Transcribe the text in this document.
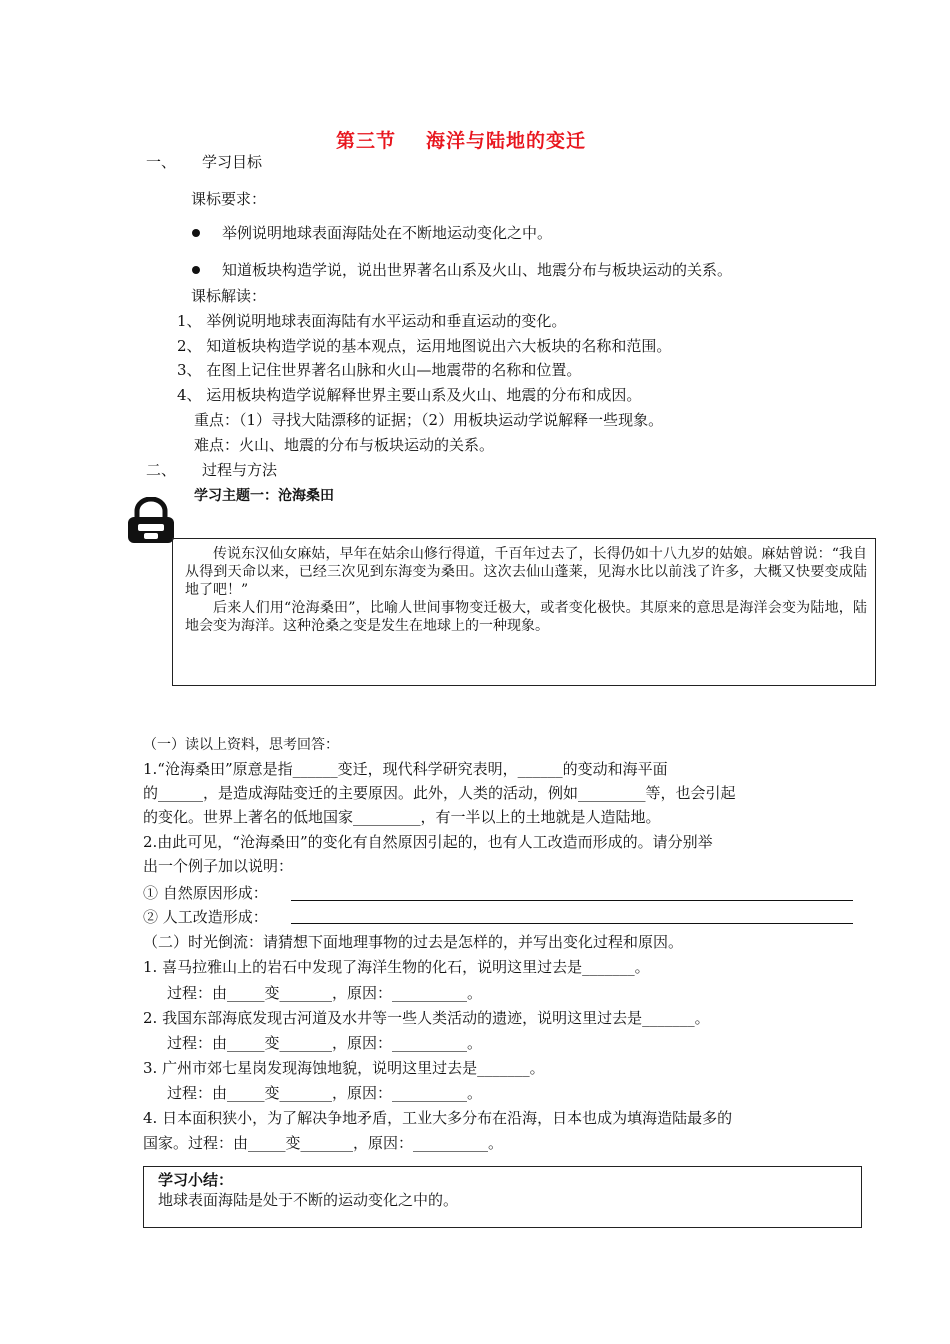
第三节 海洋与陆地的变迁
一、 学习目标
课标要求：
举例说明地球表面海陆处在不断地运动变化之中。
知道板块构造学说，说出世界著名山系及火山、地震分布与板块运动的关系。
课标解读：
1、 举例说明地球表面海陆有水平运动和垂直运动的变化。
2、 知道板块构造学说的基本观点，运用地图说出六大板块的名称和范围。
3、 在图上记住世界著名山脉和火山—地震带的名称和位置。
4、 运用板块构造学说解释世界主要山系及火山、地震的分布和成因。
重点：（1）寻找大陆漂移的证据；（2）用板块运动学说解释一些现象。
难点：火山、地震的分布与板块运动的关系。
二、 过程与方法
学习主题一：沧海桑田

传说东汉仙女麻姑，早年在姑余山修行得道，千百年过去了，长得仍如十八九岁的姑娘。麻姑曾说：“我自从得到天命以来，已经三次见到东海变为桑田。这次去仙山蓬莱，见海水比以前浅了许多，大概又快要变成陆地了吧！”

后来人们用“沧海桑田”，比喻人世间事物变迁极大，或者变化极快。其原来的意思是海洋会变为陆地，陆地会变为海洋。这种沧桑之变是发生在地球上的一种现象。

（一）读以上资料，思考回答：
1.“沧海桑田”原意是指______变迁，现代科学研究表明，______的变动和海平面
的______，是造成海陆变迁的主要原因。此外，人类的活动，例如_________等，也会引起
的变化。世界上著名的低地国家_________，有一半以上的土地就是人造陆地。
2.由此可见，“沧海桑田”的变化有自然原因引起的，也有人工改造而形成的。请分别举
出一个例子加以说明：
① 自然原因形成：
② 人工改造形成：
（二）时光倒流：请猜想下面地理事物的过去是怎样的，并写出变化过程和原因。
1. 喜马拉雅山上的岩石中发现了海洋生物的化石，说明这里过去是_______。
过程：由_____变_______，原因：__________。
2. 我国东部海底发现古河道及水井等一些人类活动的遗迹，说明这里过去是_______。
过程：由_____变_______，原因：__________。
3. 广州市郊七星岗发现海蚀地貌，说明这里过去是_______。
过程：由_____变_______，原因：__________。
4. 日本面积狭小，为了解决争地矛盾，工业大多分布在沿海，日本也成为填海造陆最多的
国家。过程：由_____变_______，原因：__________。
学习小结：
地球表面海陆是处于不断的运动变化之中的。
